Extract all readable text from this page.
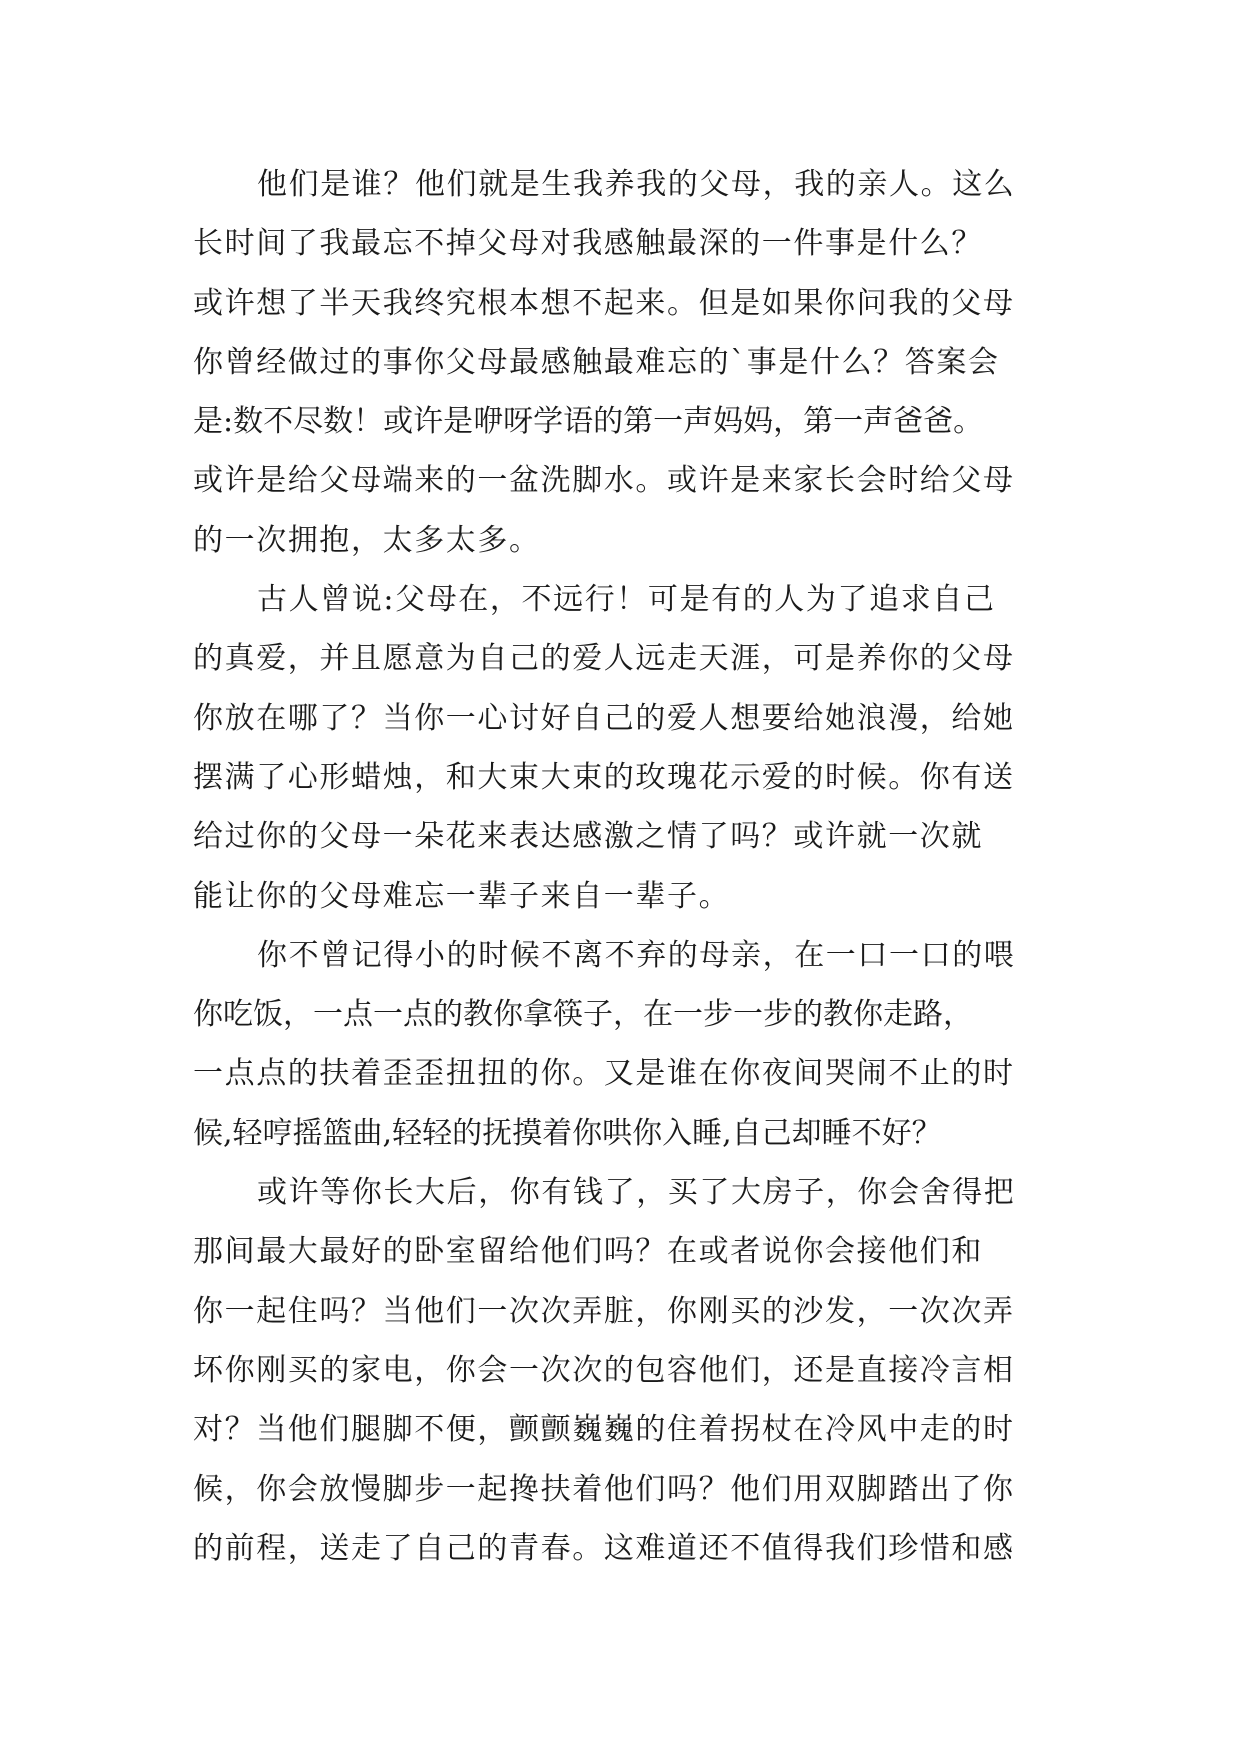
他们是谁？他们就是生我养我的父母，我的亲人。这么
长时间了我最忘不掉父母对我感触最深的一件事是什么？
或许想了半天我终究根本想不起来。但是如果你问我的父母
你曾经做过的事你父母最感触最难忘的`事是什么？答案会
是:数不尽数！或许是咿呀学语的第一声妈妈，第一声爸爸。
或许是给父母端来的一盆洗脚水。或许是来家长会时给父母
的一次拥抱，太多太多。
古人曾说:父母在，不远行！可是有的人为了追求自己
的真爱，并且愿意为自己的爱人远走天涯，可是养你的父母
你放在哪了？当你一心讨好自己的爱人想要给她浪漫，给她
摆满了心形蜡烛，和大束大束的玫瑰花示爱的时候。你有送
给过你的父母一朵花来表达感激之情了吗？或许就一次就
能让你的父母难忘一辈子来自一辈子。
你不曾记得小的时候不离不弃的母亲，在一口一口的喂
你吃饭，一点一点的教你拿筷子，在一步一步的教你走路，
一点点的扶着歪歪扭扭的你。又是谁在你夜间哭闹不止的时
候,轻哼摇篮曲,轻轻的抚摸着你哄你入睡,自己却睡不好？
或许等你长大后，你有钱了，买了大房子，你会舍得把
那间最大最好的卧室留给他们吗？在或者说你会接他们和
你一起住吗？当他们一次次弄脏，你刚买的沙发，一次次弄
坏你刚买的家电，你会一次次的包容他们，还是直接冷言相
对？当他们腿脚不便，颤颤巍巍的住着拐杖在冷风中走的时
候，你会放慢脚步一起搀扶着他们吗？他们用双脚踏出了你
的前程，送走了自己的青春。这难道还不值得我们珍惜和感
